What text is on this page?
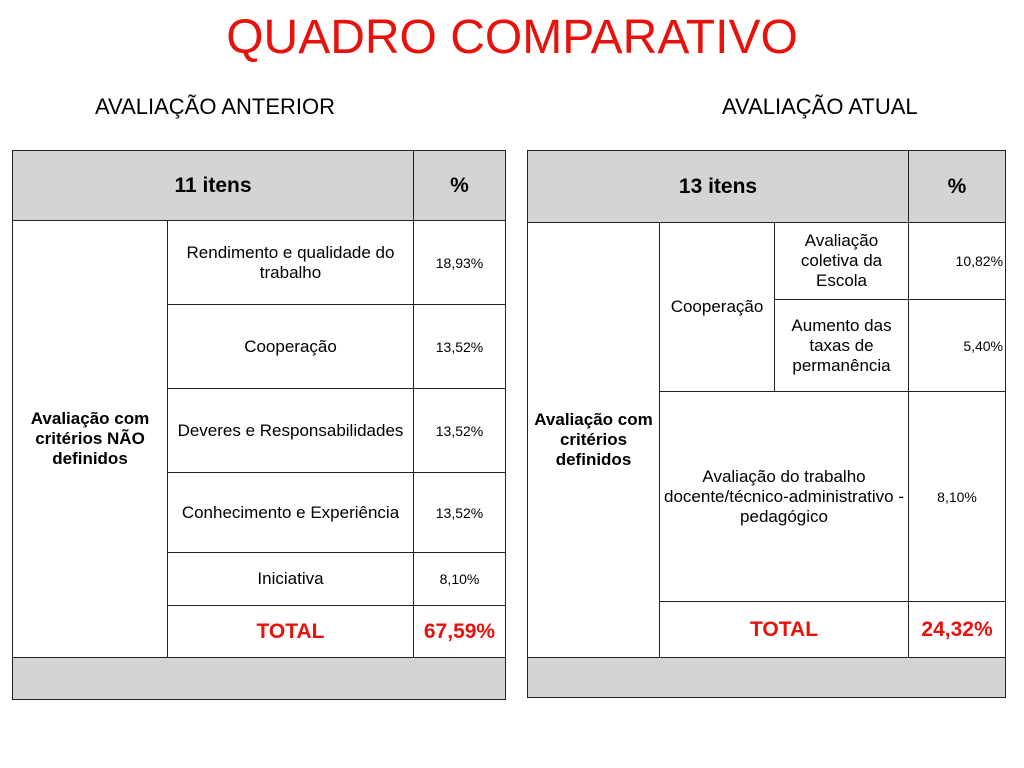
QUADRO COMPARATIVO
AVALIAÇÃO ANTERIOR	AVALIAÇÃO ATUAL
11 itens		%
Avaliação com critérios NÃO definidos	Rendimento e qualidade do trabalho	18,93%
	Cooperação	13,52%
	Deveres e Responsabilidades	13,52%
	Conhecimento e Experiência	13,52%
	Iniciativa	8,10%
	TOTAL	67,59%

13 itens			%
Avaliação com critérios definidos	Cooperação	Avaliação coletiva da Escola	10,82%
		Aumento das taxas de permanência	5,40%
	Avaliação do trabalho docente/técnico-administrativo - pedagógico		8,10%
	TOTAL		24,32%
